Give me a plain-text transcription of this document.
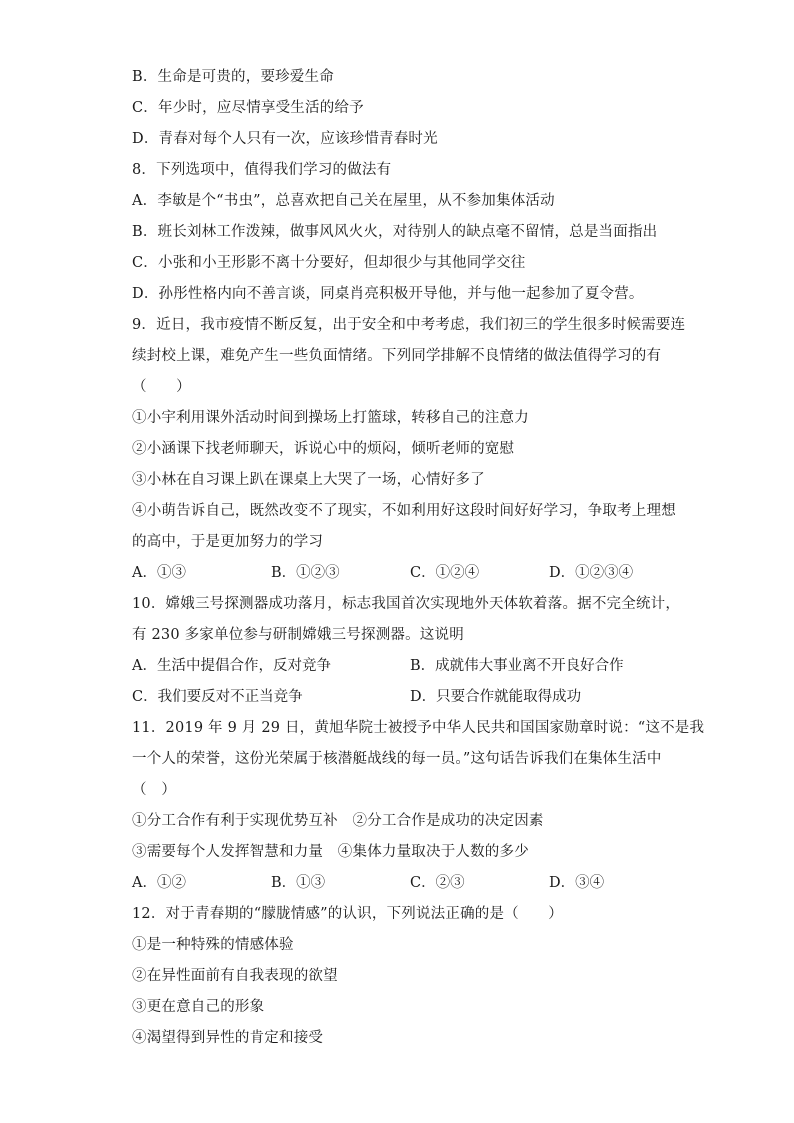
B．生命是可贵的，要珍爱生命
C．年少时，应尽情享受生活的给予
D．青春对每个人只有一次，应该珍惜青春时光
8．下列选项中，值得我们学习的做法有
A．李敏是个“书虫”，总喜欢把自己关在屋里，从不参加集体活动
B．班长刘林工作泼辣，做事风风火火，对待别人的缺点毫不留情，总是当面指出
C．小张和小王形影不离十分要好，但却很少与其他同学交往
D．孙彤性格内向不善言谈，同桌肖亮积极开导他，并与他一起参加了夏令营。
9．近日，我市疫情不断反复，出于安全和中考考虑，我们初三的学生很多时候需要连
续封校上课，难免产生一些负面情绪。下列同学排解不良情绪的做法值得学习的有
（　　）
①小宇利用课外活动时间到操场上打篮球，转移自己的注意力
②小涵课下找老师聊天，诉说心中的烦闷，倾听老师的宽慰
③小林在自习课上趴在课桌上大哭了一场，心情好多了
④小萌告诉自己，既然改变不了现实，不如利用好这段时间好好学习，争取考上理想
的高中，于是更加努力的学习
A．①③	B．①②③	C．①②④	D．①②③④
10．嫦娥三号探测器成功落月，标志我国首次实现地外天体软着落。据不完全统计，
有 230 多家单位参与研制嫦娥三号探测器。这说明
A．生活中提倡合作，反对竞争	B．成就伟大事业离不开良好合作
C．我们要反对不正当竞争	D．只要合作就能取得成功
11．2019 年 9 月 29 日，黄旭华院士被授予中华人民共和国国家勋章时说：“这不是我
一个人的荣誉，这份光荣属于核潜艇战线的每一员。”这句话告诉我们在集体生活中
（　）
①分工合作有利于实现优势互补　②分工合作是成功的决定因素
③需要每个人发挥智慧和力量　④集体力量取决于人数的多少
A．①②	B．①③	C．②③	D．③④
12．对于青春期的“朦胧情感”的认识，下列说法正确的是（　　）
①是一种特殊的情感体验
②在异性面前有自我表现的欲望
③更在意自己的形象
④渴望得到异性的肯定和接受
